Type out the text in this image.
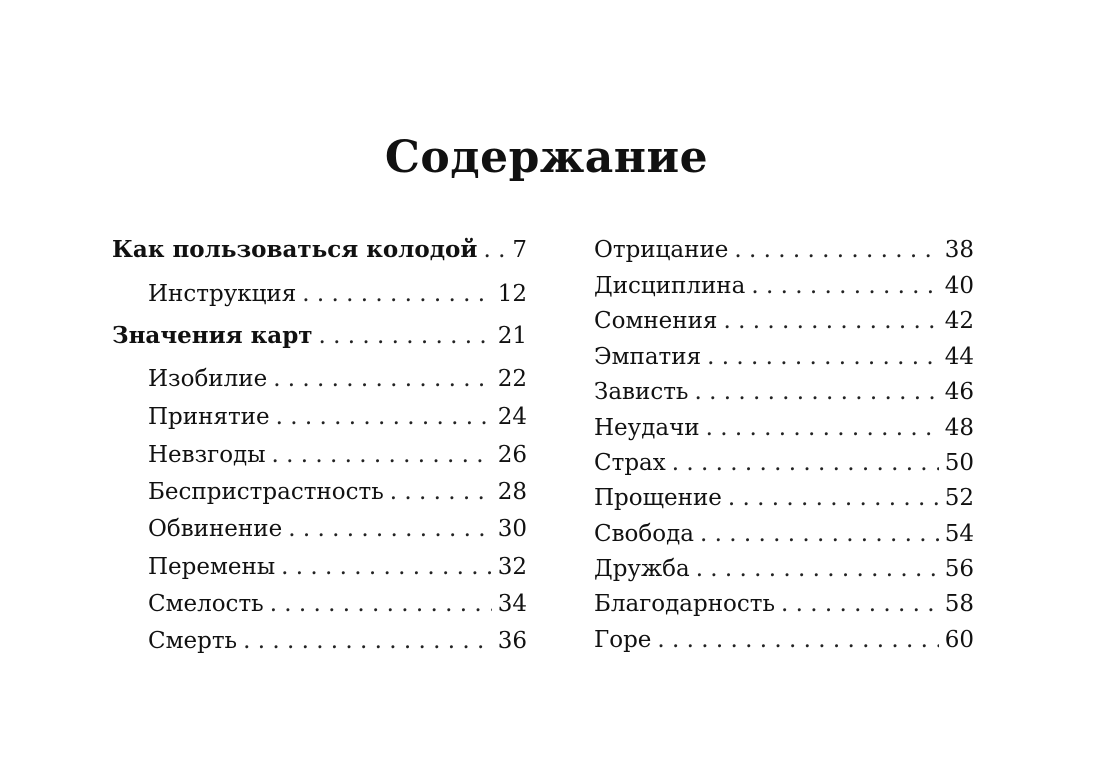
Содержание
Как пользоваться колодой . . . 7
Инструкция . . .	12
Значения карт . . .	21
Изобилие . . .	22
Принятие . . .	24
Невзгоды . . .	26
Беспристрастность . . .	28
Обвинение . . .	30
Перемены . . .	32
Смелость . . .	34
Смерть . . .	36
Отрицание . . .	38
Дисциплина . . .	40
Сомнения . . .	42
Эмпатия . . .	44
Зависть . . .	46
Неудачи . . .	48
Страх . . .	50
Прощение . . .	52
Свобода . . .	54
Дружба . . .	56
Благодарность . . .	58
Горе . . .	60
